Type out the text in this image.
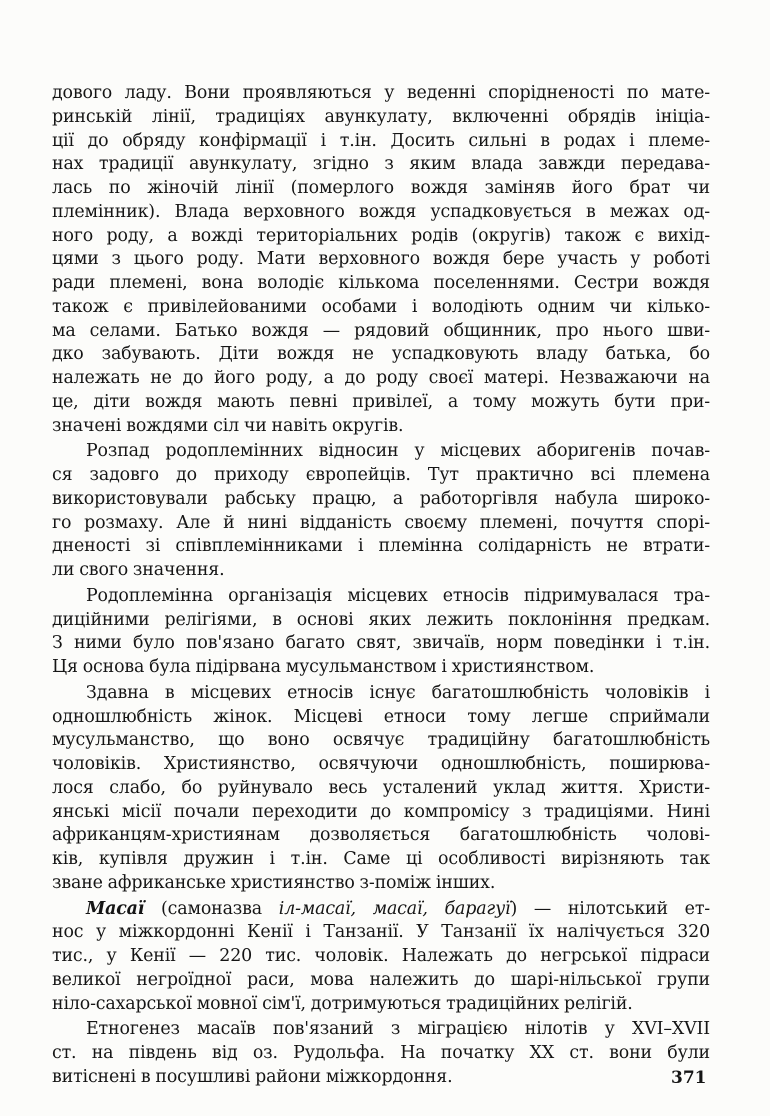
дового ладу. Вони проявляються у веденні спорідненості по мате-
ринській лінії, традиціях авункулату, включенні обрядів ініціа-
ції до обряду конфірмації і т.ін. Досить сильні в родах і племе-
нах традиції авункулату, згідно з яким влада завжди передава-
лась по жіночій лінії (померлого вождя заміняв його брат чи
племінник). Влада верховного вождя успадковується в межах од-
ного роду, а вожді територіальних родів (округів) також є вихід-
цями з цього роду. Мати верховного вождя бере участь у роботі
ради племені, вона володіє кількома поселеннями. Сестри вождя
також є привілейованими особами і володіють одним чи кілько-
ма селами. Батько вождя — рядовий общинник, про нього шви-
дко забувають. Діти вождя не успадковують владу батька, бо
належать не до його роду, а до роду своєї матері. Незважаючи на
це, діти вождя мають певні привілеї, а тому можуть бути при-
значені вождями сіл чи навіть округів.

Розпад родоплемінних відносин у місцевих аборигенів почав-
ся задовго до приходу європейців. Тут практично всі племена
використовували рабську працю, а работоргівля набула широко-
го розмаху. Але й нині відданість своєму племені, почуття спорі-
дненості зі співплемінниками і племінна солідарність не втрати-
ли свого значення.

Родоплемінна організація місцевих етносів підримувалася тра-
диційними релігіями, в основі яких лежить поклоніння предкам.
З ними було пов'язано багато свят, звичаїв, норм поведінки і т.ін.
Ця основа була підірвана мусульманством і християнством.

Здавна в місцевих етносів існує багатошлюбність чоловіків і
одношлюбність жінок. Місцеві етноси тому легше сприймали
мусульманство, що воно освячує традиційну багатошлюбність
чоловіків. Християнство, освячуючи одношлюбність, поширюва-
лося слабо, бо руйнувало весь усталений уклад життя. Христи-
янські місії почали переходити до компромісу з традиціями. Нині
африканцям-християнам дозволяється багатошлюбність чолові-
ків, купівля дружин і т.ін. Саме ці особливості вирізняють так
зване африканське християнство з-поміж інших.

Масаї (самоназва іл-масаї, масаї, барагуї) — нілотський ет-
нос у міжкордонні Кенії і Танзанії. У Танзанії їх налічується 320
тис., у Кенії — 220 тис. чоловік. Належать до негрської підраси
великої негроїдної раси, мова належить до шарі-нільської групи
ніло-сахарської мовної сім'ї, дотримуються традиційних релігій.

Етногенез масаїв пов'язаний з міграцією нілотів у XVI–XVII
ст. на південь від оз. Рудольфа. На початку XX ст. вони були
витіснені в посушливі райони міжкордоння.	371
